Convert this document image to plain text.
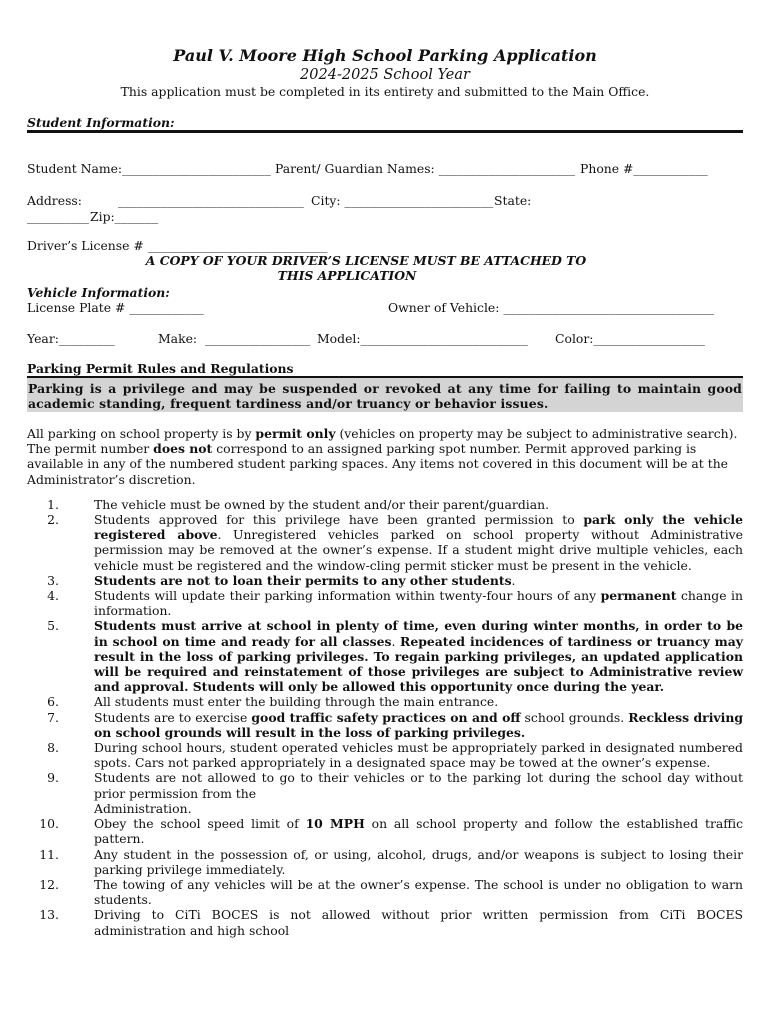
Paul V. Moore High School Parking Application
2024-2025 School Year
This application must be completed in its entirety and submitted to the Main Office.
Student Information:

Student Name:________________________

Parent/ Guardian Names: ______________________

Phone #____________

Address:

	______________________________

City: ________________________

State:

__________

Zip:_______

Driver’s License # _____________________________

A COPY OF YOUR DRIVER’S LICENSE MUST BE ATTACHED TO
THIS APPLICATION
Vehicle Information:

License Plate # ____________

	Owner of Vehicle: __________________________________

Year:_________

	Make:  _________________

Model:___________________________

Color:__________________

Parking Permit Rules and Regulations
Parking is a privilege and may be suspended or revoked at any time for failing to maintain good academic standing, frequent tardiness and/or truancy or behavior issues.
All parking on school property is by permit only (vehicles on property may be subject to administrative search). The permit number does not correspond to an assigned parking spot number. Permit approved parking is available in any of the numbered student parking spaces. Any items not covered in this document will be at the Administrator’s discretion.
1.	The vehicle must be owned by the student and/or their parent/guardian.
2.	Students approved for this privilege have been granted permission to park only the vehicle registered above. Unregistered vehicles parked on school property without Administrative permission may be removed at the owner’s expense. If a student might drive multiple vehicles, each vehicle must be registered and the window-cling permit sticker must be present in the vehicle.
3.	Students are not to loan their permits to any other students.
4.	Students will update their parking information within twenty-four hours of any permanent change in information.
5.	Students must arrive at school in plenty of time, even during winter months, in order to be in school on time and ready for all classes. Repeated incidences of tardiness or truancy may result in the loss of parking privileges. To regain parking privileges, an updated application will be required and reinstatement of those privileges are subject to Administrative review and approval. Students will only be allowed this opportunity once during the year.
6.	All students must enter the building through the main entrance.
7.	Students are to exercise good traffic safety practices on and off school grounds. Reckless driving on school grounds will result in the loss of parking privileges.
8.	During school hours, student operated vehicles must be appropriately parked in designated numbered spots. Cars not parked appropriately in a designated space may be towed at the owner’s expense.
9.	Students are not allowed to go to their vehicles or to the parking lot during the school day without prior permission from the
Administration.
10.	Obey the school speed limit of 10 MPH on all school property and follow the established traffic pattern.
11.	Any student in the possession of, or using, alcohol, drugs, and/or weapons is subject to losing their parking privilege immediately.
12.	The towing of any vehicles will be at the owner’s expense. The school is under no obligation to warn students.
13.	Driving to CiTi BOCES is not allowed without prior written permission from CiTi BOCES administration and high school
